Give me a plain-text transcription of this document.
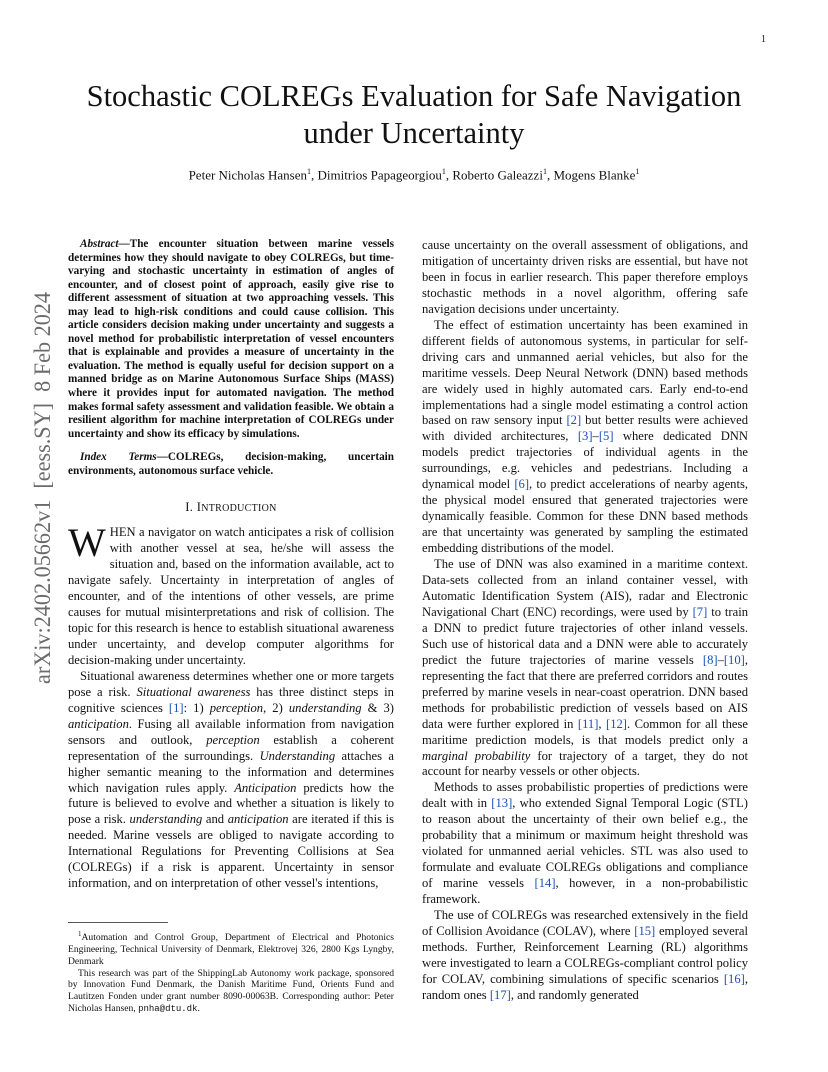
1
arXiv:2402.05662v1  [eess.SY]  8 Feb 2024
Stochastic COLREGs Evaluation for Safe Navigation under Uncertainty
Peter Nicholas Hansen$^1$, Dimitrios Papageorgiou$^1$, Roberto Galeazzi$^1$, Mogens Blanke$^1$

Abstract—The encounter situation between marine vessels determines how they should navigate to obey COLREGs, but time-varying and stochastic uncertainty in estimation of angles of encounter, and of closest point of approach, easily give rise to different assessment of situation at two approaching vessels. This may lead to high-risk conditions and could cause collision. This article considers decision making under uncertainty and suggests a novel method for probabilistic interpretation of vessel encounters that is explainable and provides a measure of uncertainty in the evaluation. The method is equally useful for decision support on a manned bridge as on Marine Autonomous Surface Ships (MASS) where it provides input for automated navigation. The method makes formal safety assessment and validation feasible. We obtain a resilient algorithm for machine interpretation of COLREGs under uncertainty and show its efficacy by simulations.

Index Terms—COLREGs, decision-making, uncertain environments, autonomous surface vehicle.

I. INTRODUCTION

WHEN a navigator on watch anticipates a risk of collision with another vessel at sea, he/she will assess the situation and, based on the information available, act to navigate safely. Uncertainty in interpretation of angles of encounter, and of the intentions of other vessels, are prime causes for mutual misinterpretations and risk of collision. The topic for this research is hence to establish situational awareness under uncertainty, and develop computer algorithms for decision-making under uncertainty.

Situational awareness determines whether one or more targets pose a risk. Situational awareness has three distinct steps in cognitive sciences [1]: 1) perception, 2) understanding & 3) anticipation. Fusing all available information from navigation sensors and outlook, perception establish a coherent representation of the surroundings. Understanding attaches a higher semantic meaning to the information and determines which navigation rules apply. Anticipation predicts how the future is believed to evolve and whether a situation is likely to pose a risk. understanding and anticipation are iterated if this is needed. Marine vessels are obliged to navigate according to International Regulations for Preventing Collisions at Sea (COLREGs) if a risk is apparent. Uncertainty in sensor information, and on interpretation of other vessel's intentions,

$^1$Automation and Control Group, Department of Electrical and Photonics Engineering, Technical University of Denmark, Elektrovej 326, 2800 Kgs Lyngby, Denmark

This research was part of the ShippingLab Autonomy work package, sponsored by Innovation Fund Denmark, the Danish Maritime Fund, Orients Fund and Lautitzen Fonden under grant number 8090-00063B. Corresponding author: Peter Nicholas Hansen, pnha@dtu.dk.

cause uncertainty on the overall assessment of obligations, and mitigation of uncertainty driven risks are essential, but have not been in focus in earlier research. This paper therefore employs stochastic methods in a novel algorithm, offering safe navigation decisions under uncertainty.

The effect of estimation uncertainty has been examined in different fields of autonomous systems, in particular for self-driving cars and unmanned aerial vehicles, but also for the maritime vessels. Deep Neural Network (DNN) based methods are widely used in highly automated cars. Early end-to-end implementations had a single model estimating a control action based on raw sensory input [2] but better results were achieved with divided architectures, [3]–[5] where dedicated DNN models predict trajectories of individual agents in the surroundings, e.g. vehicles and pedestrians. Including a dynamical model [6], to predict accelerations of nearby agents, the physical model ensured that generated trajectories were dynamically feasible. Common for these DNN based methods are that uncertainty was generated by sampling the estimated embedding distributions of the model.

The use of DNN was also examined in a maritime context. Data-sets collected from an inland container vessel, with Automatic Identification System (AIS), radar and Electronic Navigational Chart (ENC) recordings, were used by [7] to train a DNN to predict future trajectories of other inland vessels. Such use of historical data and a DNN were able to accurately predict the future trajectories of marine vessels [8]–[10], representing the fact that there are preferred corridors and routes preferred by marine vesels in near-coast operatrion. DNN based methods for probabilistic prediction of vessels based on AIS data were further explored in [11], [12]. Common for all these maritime prediction models, is that models predict only a marginal probability for trajectory of a target, they do not account for nearby vessels or other objects.

Methods to asses probabilistic properties of predictions were dealt with in [13], who extended Signal Temporal Logic (STL) to reason about the uncertainty of their own belief e.g., the probability that a minimum or maximum height threshold was violated for unmanned aerial vehicles. STL was also used to formulate and evaluate COLREGs obligations and compliance of marine vessels [14], however, in a non-probabilistic framework.

The use of COLREGs was researched extensively in the field of Collision Avoidance (COLAV), where [15] employed several methods. Further, Reinforcement Learning (RL) algorithms were investigated to learn a COLREGs-compliant control policy for COLAV, combining simulations of specific scenarios [16], random ones [17], and randomly generated
